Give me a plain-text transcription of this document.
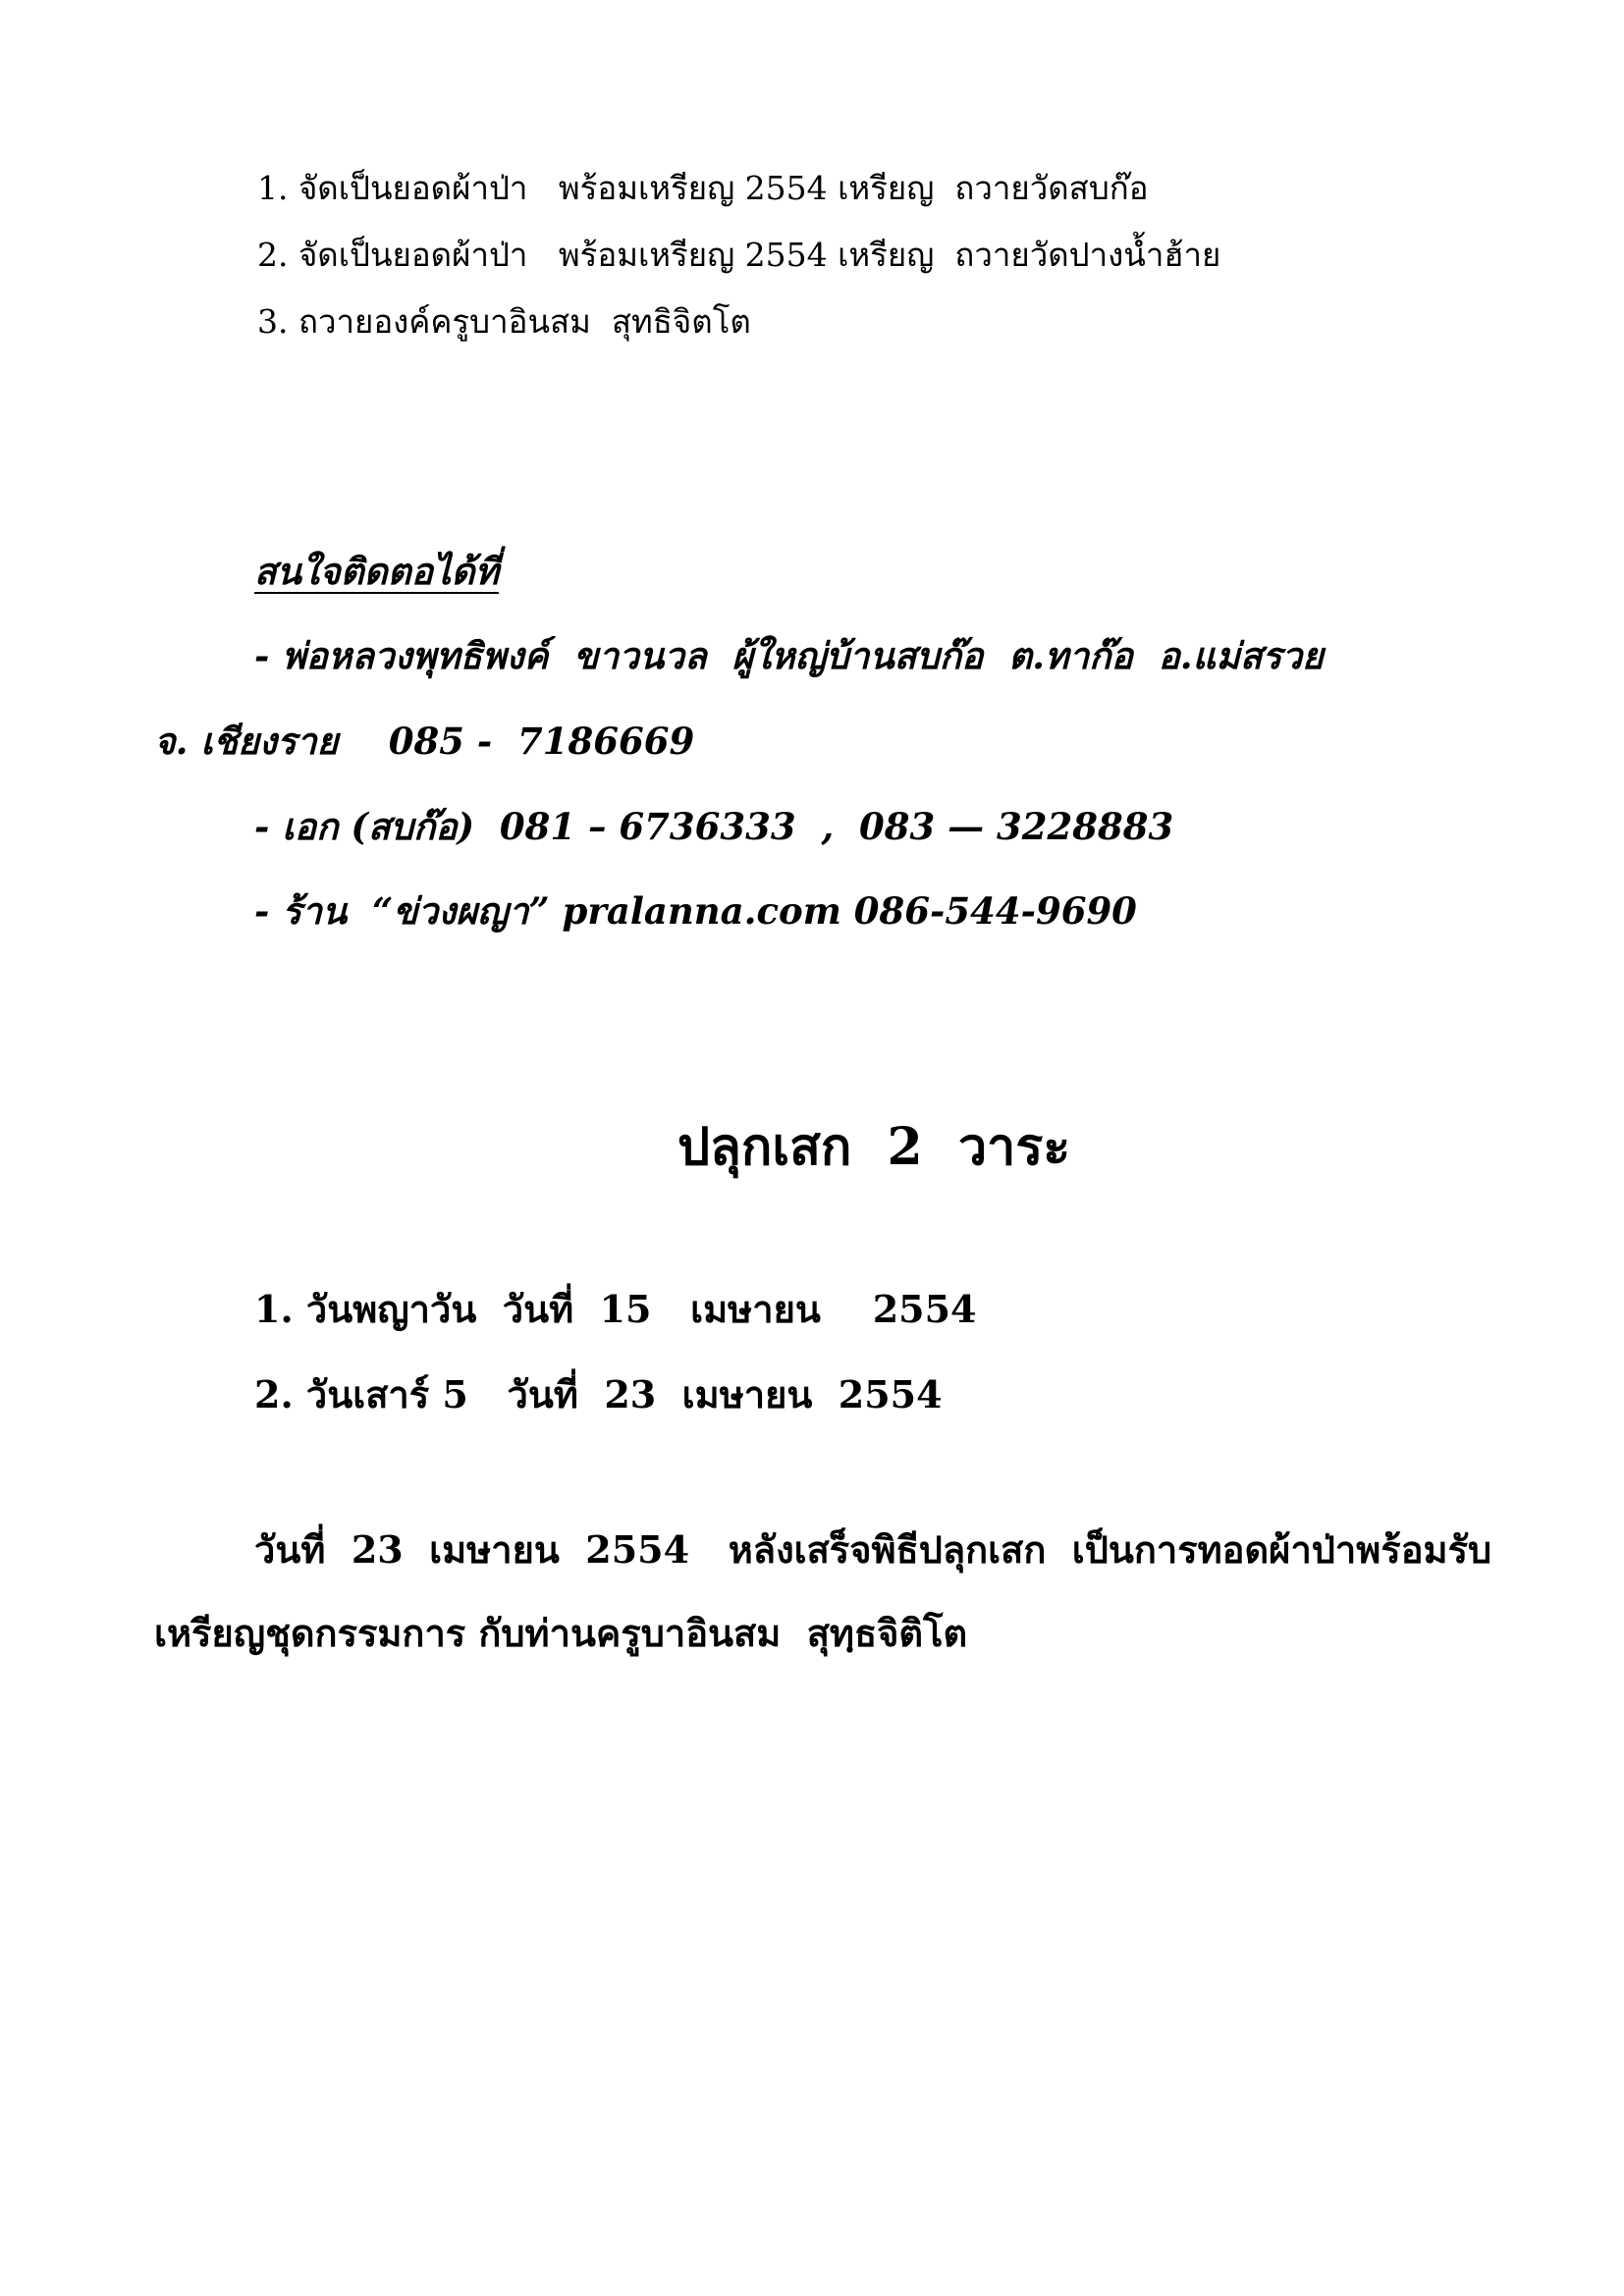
1. จัดเป็นยอดผ้าป่า   พร้อมเหรียญ 2554 เหรียญ  ถวายวัดสบก๊อ
2. จัดเป็นยอดผ้าป่า   พร้อมเหรียญ 2554 เหรียญ  ถวายวัดปางน้ำฮ้าย
3. ถวายองค์ครูบาอินสม  สุทธิจิตโต
สนใจติดตอได้ที่
- พ่อหลวงพุทธิพงค์  ขาวนวล  ผู้ใหญ่บ้านสบก๊อ  ต.ทาก๊อ  อ.แม่สรวย
จ. เชียงราย    085 -  7186669
- เอก (สบก๊อ)  081 – 6736333  ,  083 — 3228883
- ร้าน  “ข่วงผญา” pralanna.com 086-544-9690
ปลุกเสก  2  วาระ
1. วันพญาวัน  วันที่  15   เมษายน    2554
2. วันเสาร์ 5   วันที่  23  เมษายน  2554
วันที่  23  เมษายน  2554   หลังเสร็จพิธีปลุกเสก  เป็นการทอดผ้าป่าพร้อมรับ
เหรียญชุดกรรมการ กับท่านครูบาอินสม  สุทฺธจิติโต
